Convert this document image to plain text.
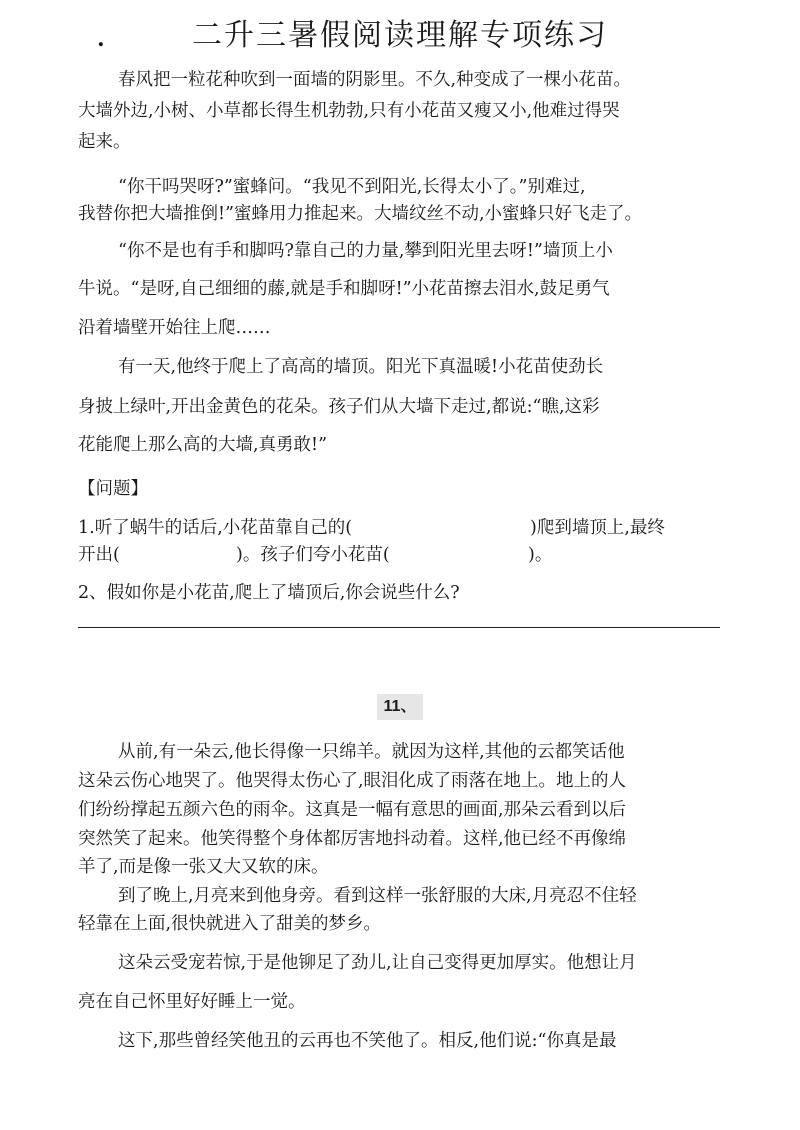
.	二升三暑假阅读理解专项练习
春风把一粒花种吹到一面墙的阴影里。不久,种变成了一棵小花苗。
大墙外边,小树、小草都长得生机勃勃,只有小花苗又瘦又小,他难过得哭
起来。
“你干吗哭呀?”蜜蜂问。“我见不到阳光,长得太小了。”别难过,
我替你把大墙推倒!”蜜蜂用力推起来。大墙纹丝不动,小蜜蜂只好飞走了。
“你不是也有手和脚吗?靠自己的力量,攀到阳光里去呀!”墙顶上小
牛说。“是呀,自己细细的藤,就是手和脚呀!”小花苗擦去泪水,鼓足勇气
沿着墙壁开始往上爬……
有一天,他终于爬上了高高的墙顶。阳光下真温暖!小花苗使劲长
身披上绿叶,开出金黄色的花朵。孩子们从大墙下走过,都说:“瞧,这彩
花能爬上那么高的大墙,真勇敢!”
【问题】
1.听了蜗牛的话后,小花苗靠自己的(	)爬到墙顶上,最终
开出(	)。孩子们夸小花苗(	)。
2、假如你是小花苗,爬上了墙顶后,你会说些什么?
11、
从前,有一朵云,他长得像一只绵羊。就因为这样,其他的云都笑话他
这朵云伤心地哭了。他哭得太伤心了,眼泪化成了雨落在地上。地上的人
们纷纷撑起五颜六色的雨伞。这真是一幅有意思的画面,那朵云看到以后
突然笑了起来。他笑得整个身体都厉害地抖动着。这样,他已经不再像绵
羊了,而是像一张又大又软的床。
到了晚上,月亮来到他身旁。看到这样一张舒服的大床,月亮忍不住轻
轻靠在上面,很快就进入了甜美的梦乡。
这朵云受宠若惊,于是他铆足了劲儿,让自己变得更加厚实。他想让月
亮在自己怀里好好睡上一觉。
这下,那些曾经笑他丑的云再也不笑他了。相反,他们说:“你真是最
